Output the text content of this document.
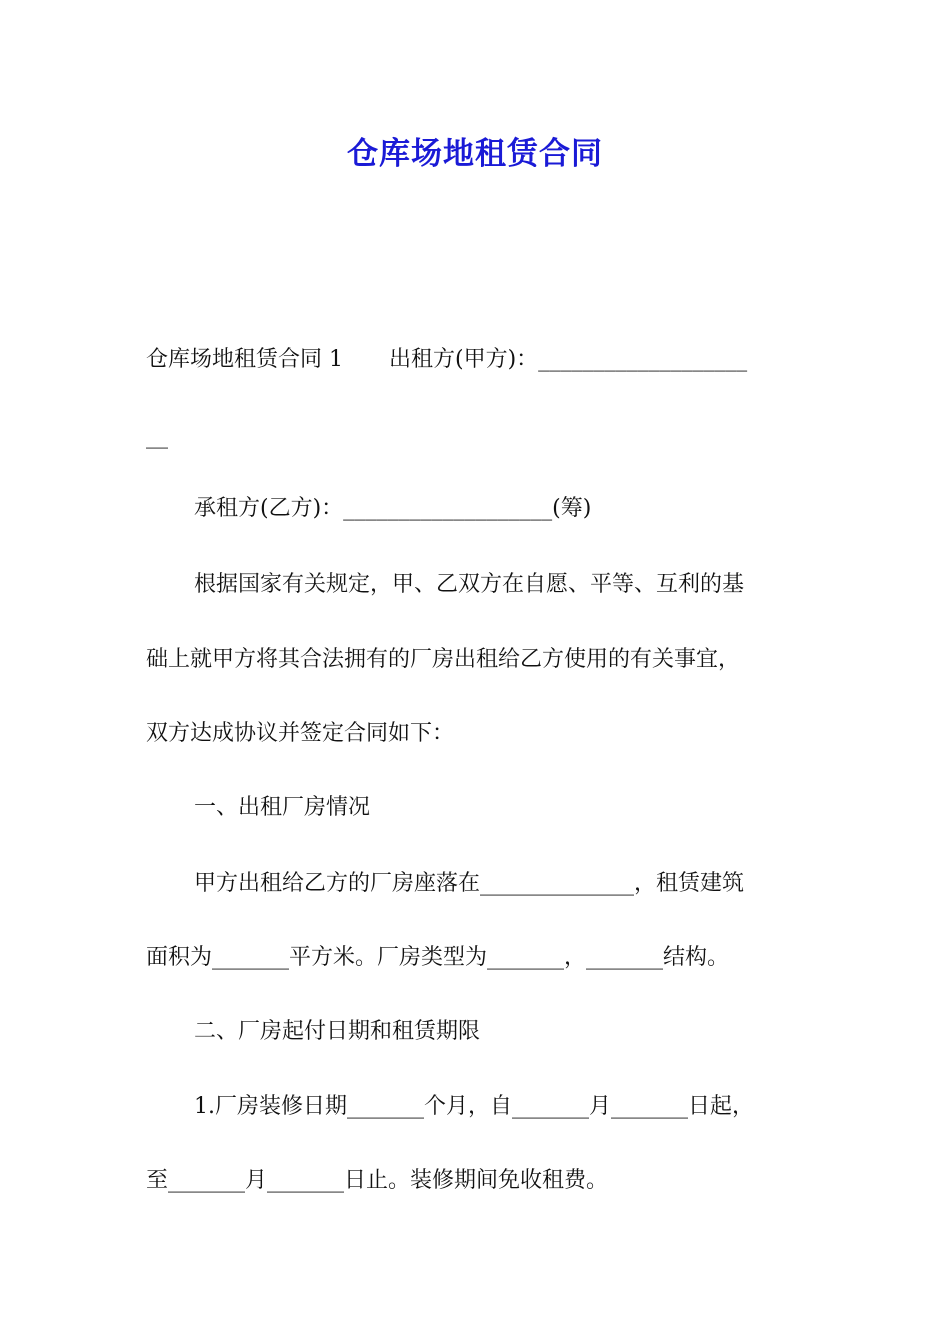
仓库场地租赁合同
仓库场地租赁合同 1 出租方(甲方)：___________________
__
承租方(乙方)：___________________(筹)
根据国家有关规定，甲、乙双方在自愿、平等、互利的基
础上就甲方将其合法拥有的厂房出租给乙方使用的有关事宜，
双方达成协议并签定合同如下：
一、出租厂房情况
甲方出租给乙方的厂房座落在______________，租赁建筑
面积为_______平方米。厂房类型为_______，_______结构。
二、厂房起付日期和租赁期限
1.厂房装修日期_______个月，自_______月_______日起，
至_______月_______日止。装修期间免收租费。
